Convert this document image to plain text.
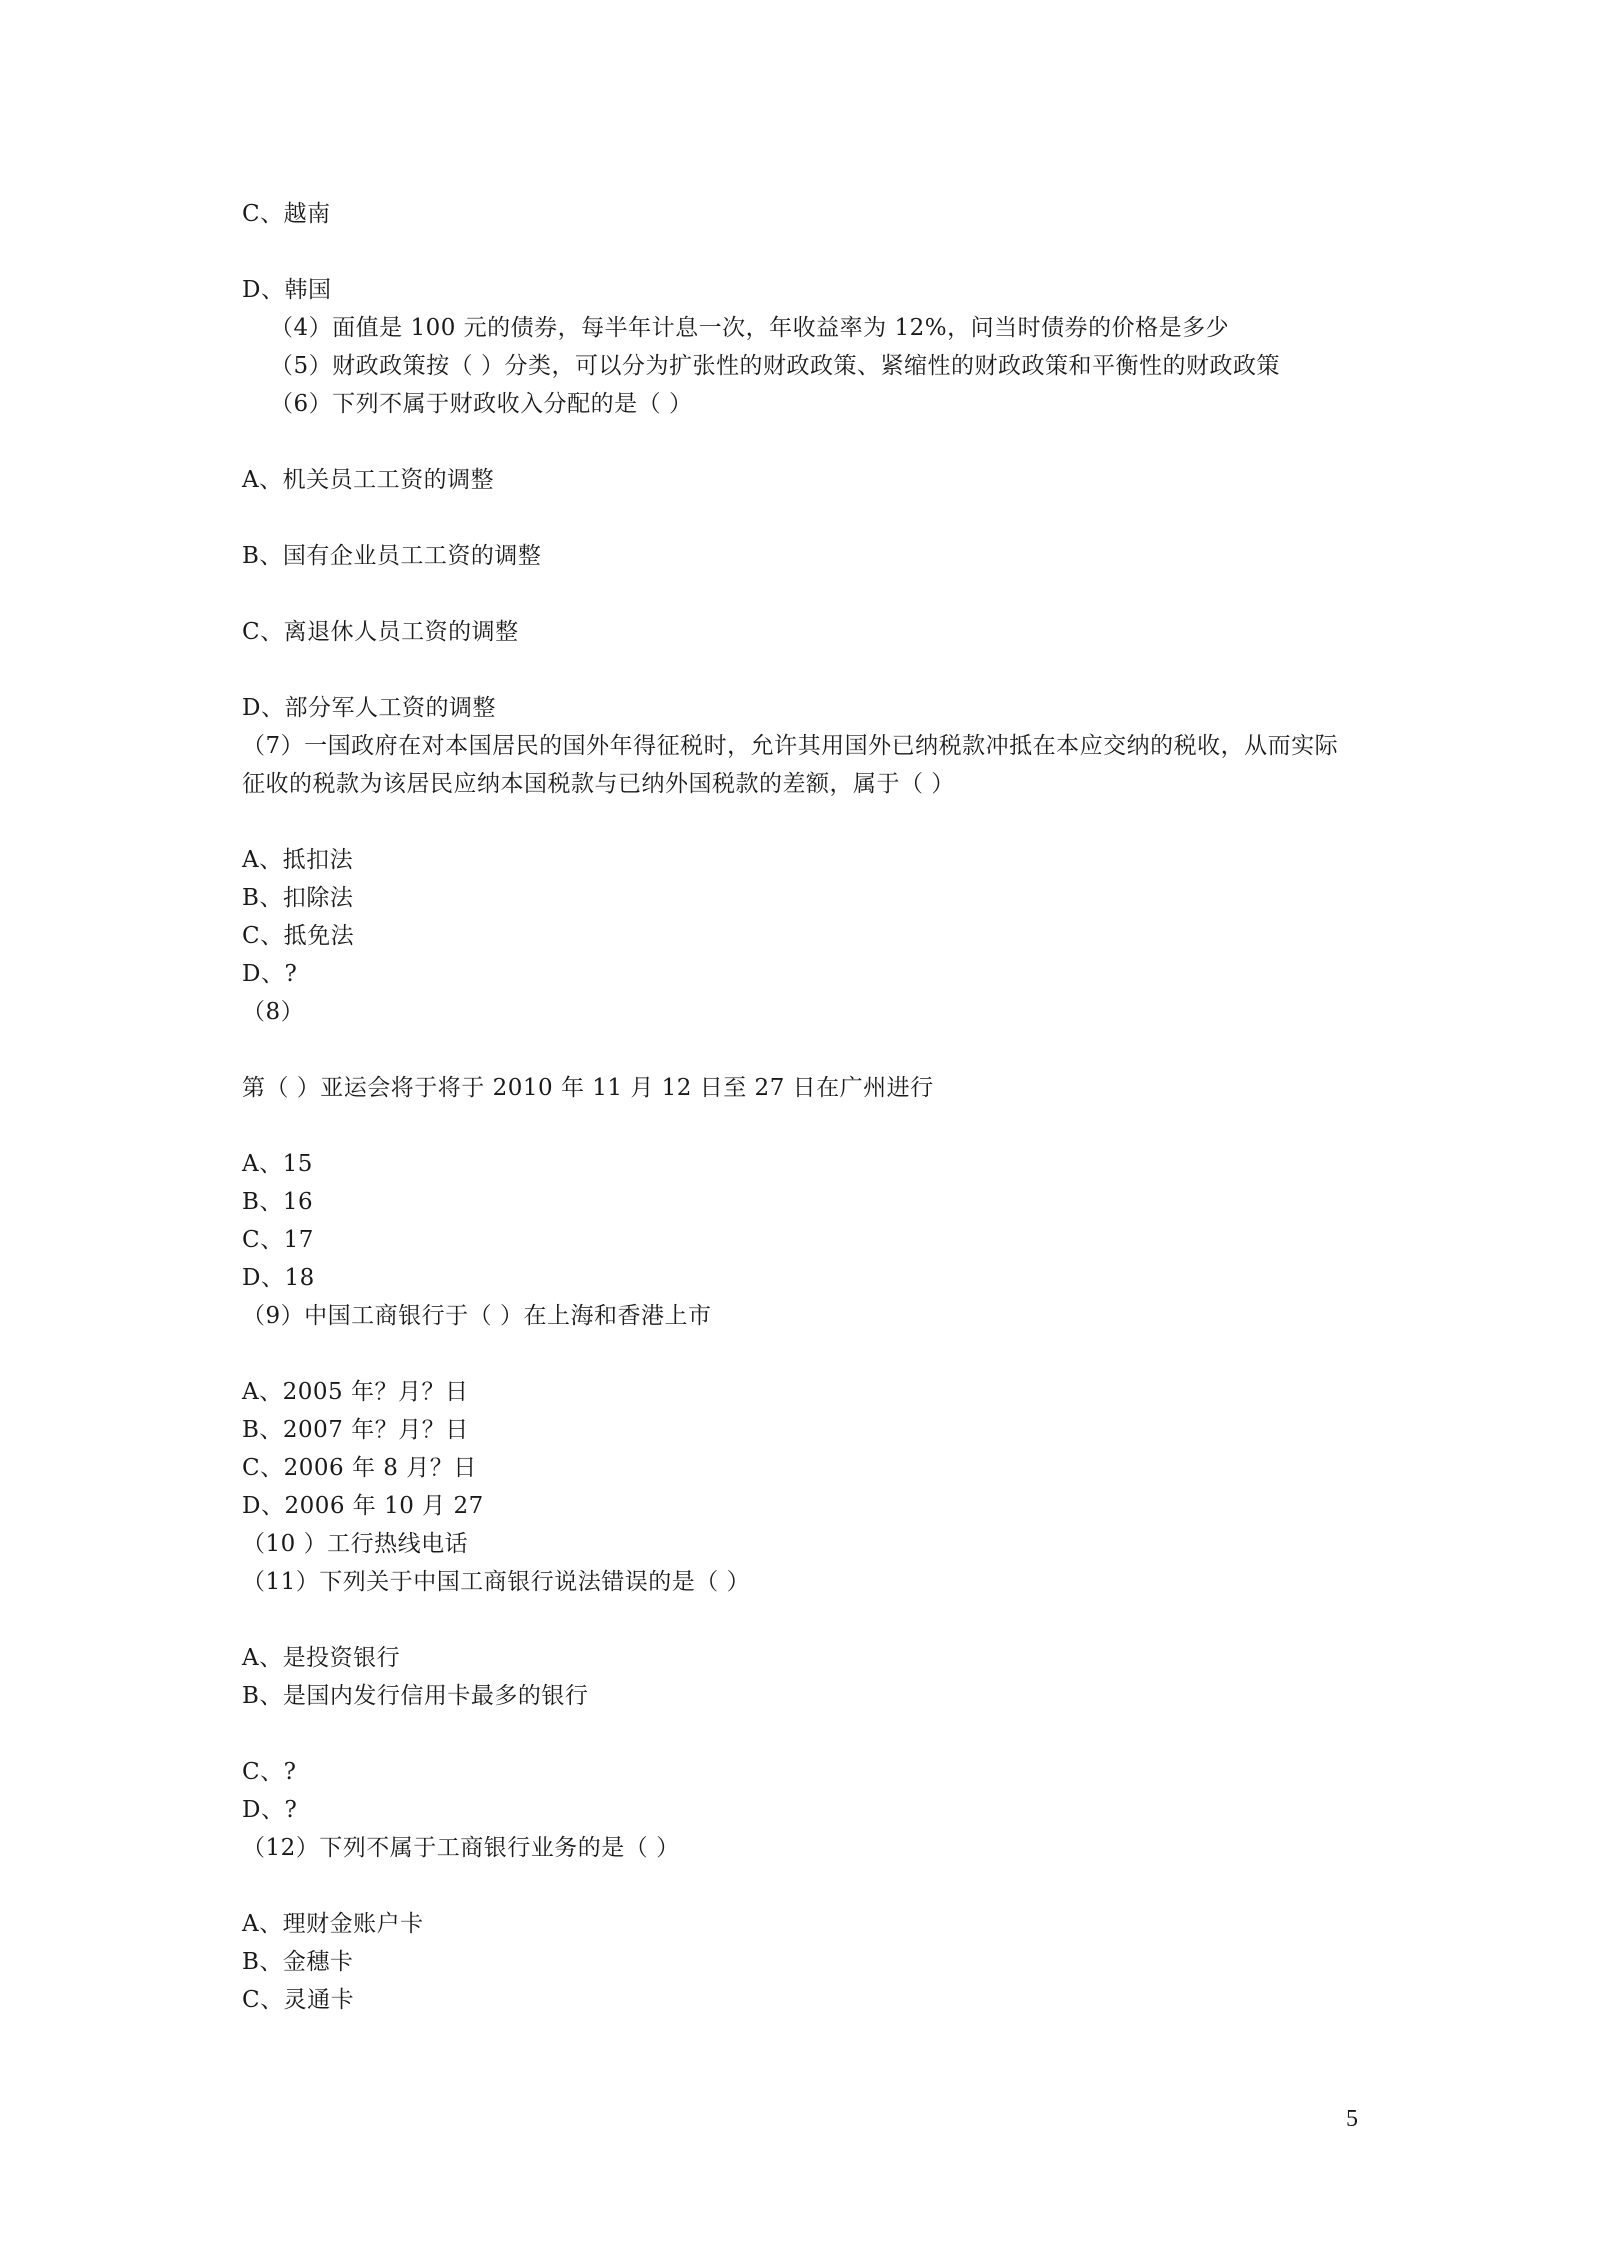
C、越南
D、韩国
（4）面值是 100 元的债券，每半年计息一次，年收益率为 12%，问当时债券的价格是多少
（5）财政政策按（ ）分类，可以分为扩张性的财政政策、紧缩性的财政政策和平衡性的财政政策
（6）下列不属于财政收入分配的是（ ）
A、机关员工工资的调整
B、国有企业员工工资的调整
C、离退休人员工资的调整
D、部分军人工资的调整
（7）一国政府在对本国居民的国外年得征税时，允许其用国外已纳税款冲抵在本应交纳的税收，从而实际
征收的税款为该居民应纳本国税款与已纳外国税款的差额，属于（ ）
A、抵扣法
B、扣除法
C、抵免法
D、?
（8）
第（ ）亚运会将于将于 2010 年 11 月 12 日至 27 日在广州进行
A、15
B、16
C、17
D、18
（9）中国工商银行于（ ）在上海和香港上市
A、2005 年？月？日
B、2007 年？月？日
C、2006 年 8 月？日
D、2006 年 10 月 27
（10 ）工行热线电话
（11）下列关于中国工商银行说法错误的是（ ）
A、是投资银行
B、是国内发行信用卡最多的银行
C、?
D、?
（12）下列不属于工商银行业务的是（ ）
A、理财金账户卡
B、金穗卡
C、灵通卡
5
